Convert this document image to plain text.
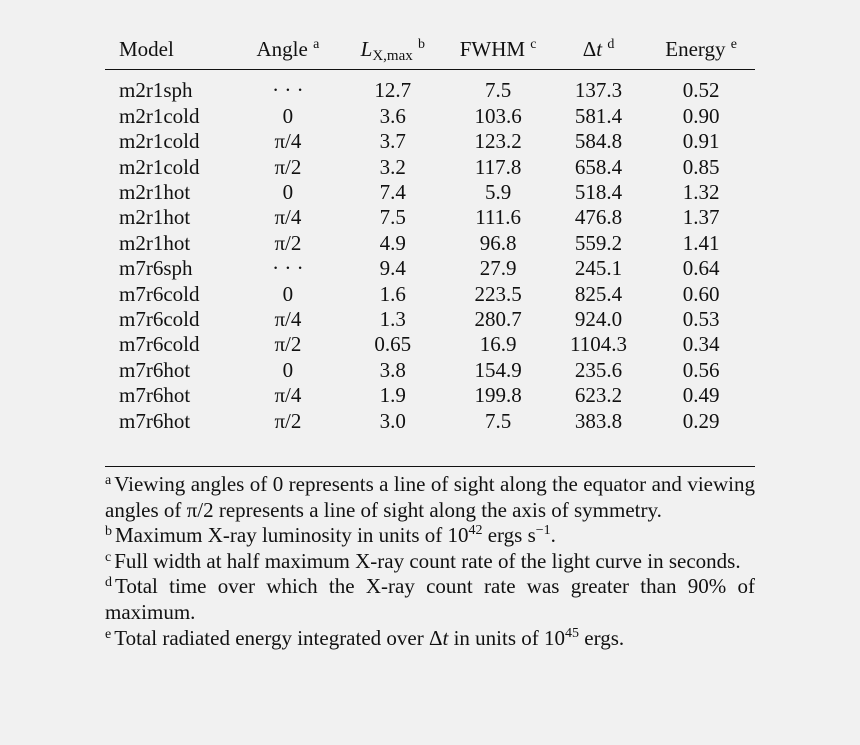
Model	Angle $^a$	$L_{X,max}$ $^b$	FWHM $^c$	Δt $^d$	Energy $^e$
m2r1sph	· · ·	12.7	7.5	137.3	0.52
m2r1cold	0	3.6	103.6	581.4	0.90
m2r1cold	π/4	3.7	123.2	584.8	0.91
m2r1cold	π/2	3.2	117.8	658.4	0.85
m2r1hot	0	7.4	5.9	518.4	1.32
m2r1hot	π/4	7.5	111.6	476.8	1.37
m2r1hot	π/2	4.9	96.8	559.2	1.41
m7r6sph	· · ·	9.4	27.9	245.1	0.64
m7r6cold	0	1.6	223.5	825.4	0.60
m7r6cold	π/4	1.3	280.7	924.0	0.53
m7r6cold	π/2	0.65	16.9	1104.3	0.34
m7r6hot	0	3.8	154.9	235.6	0.56
m7r6hot	π/4	1.9	199.8	623.2	0.49
m7r6hot	π/2	3.0	7.5	383.8	0.29

$^a$ Viewing angles of 0 represents a line of sight along the equator and viewing angles of π/2 represents a line of sight along the axis of symmetry.

$^b$ Maximum X-ray luminosity in units of $10^{42}$ ergs $s^{-1}$.

$^c$ Full width at half maximum X-ray count rate of the light curve in seconds.

$^d$ Total time over which the X-ray count rate was greater than 90% of maximum.

$^e$ Total radiated energy integrated over Δt in units of $10^{45}$ ergs.
